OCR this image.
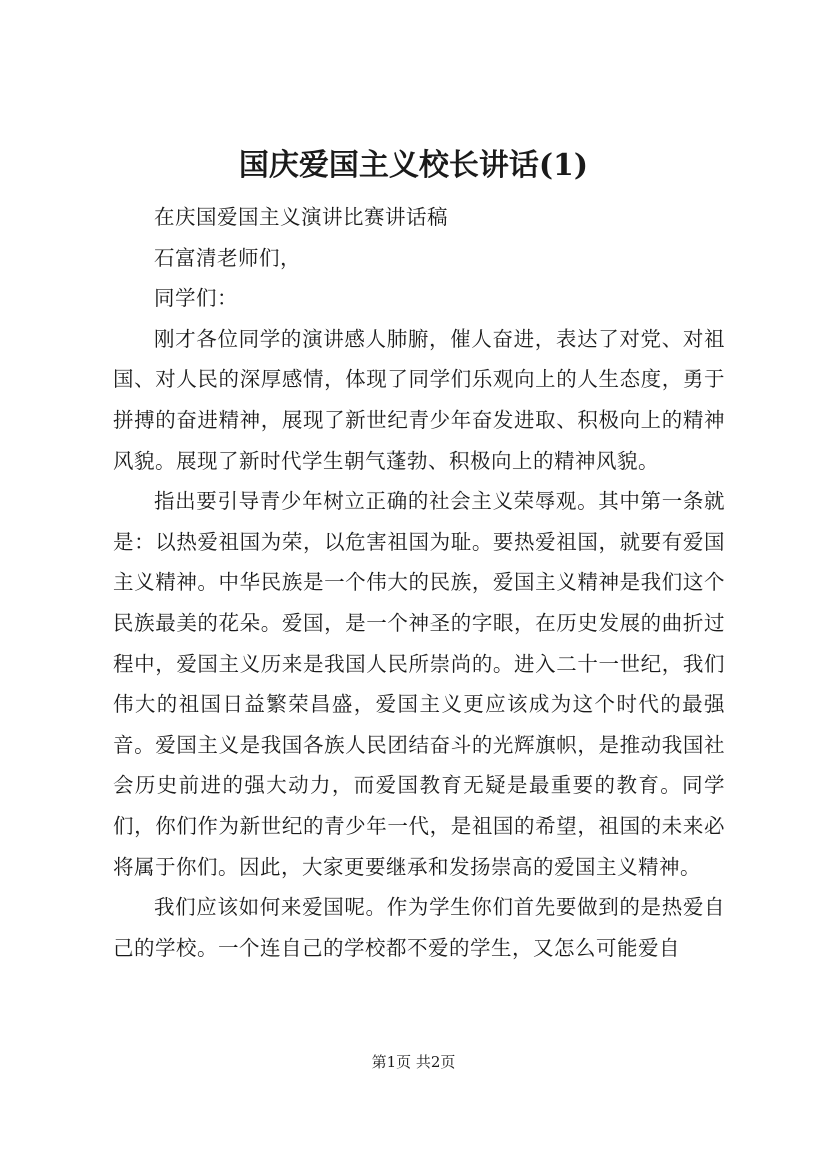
国庆爱国主义校长讲话(1)

在庆国爱国主义演讲比赛讲话稿

石富清老师们，

同学们：

刚才各位同学的演讲感人肺腑，催人奋进，表达了对党、对祖国、对人民的深厚感情，体现了同学们乐观向上的人生态度，勇于拼搏的奋进精神，展现了新世纪青少年奋发进取、积极向上的精神风貌。展现了新时代学生朝气蓬勃、积极向上的精神风貌。

指出要引导青少年树立正确的社会主义荣辱观。其中第一条就是：以热爱祖国为荣，以危害祖国为耻。要热爱祖国，就要有爱国主义精神。中华民族是一个伟大的民族，爱国主义精神是我们这个民族最美的花朵。爱国，是一个神圣的字眼，在历史发展的曲折过程中，爱国主义历来是我国人民所崇尚的。进入二十一世纪，我们伟大的祖国日益繁荣昌盛，爱国主义更应该成为这个时代的最强音。爱国主义是我国各族人民团结奋斗的光辉旗帜，是推动我国社会历史前进的强大动力，而爱国教育无疑是最重要的教育。同学们，你们作为新世纪的青少年一代，是祖国的希望，祖国的未来必将属于你们。因此，大家更要继承和发扬崇高的爱国主义精神。

我们应该如何来爱国呢。作为学生你们首先要做到的是热爱自己的学校。一个连自己的学校都不爱的学生，又怎么可能爱自

第1页 共2页
